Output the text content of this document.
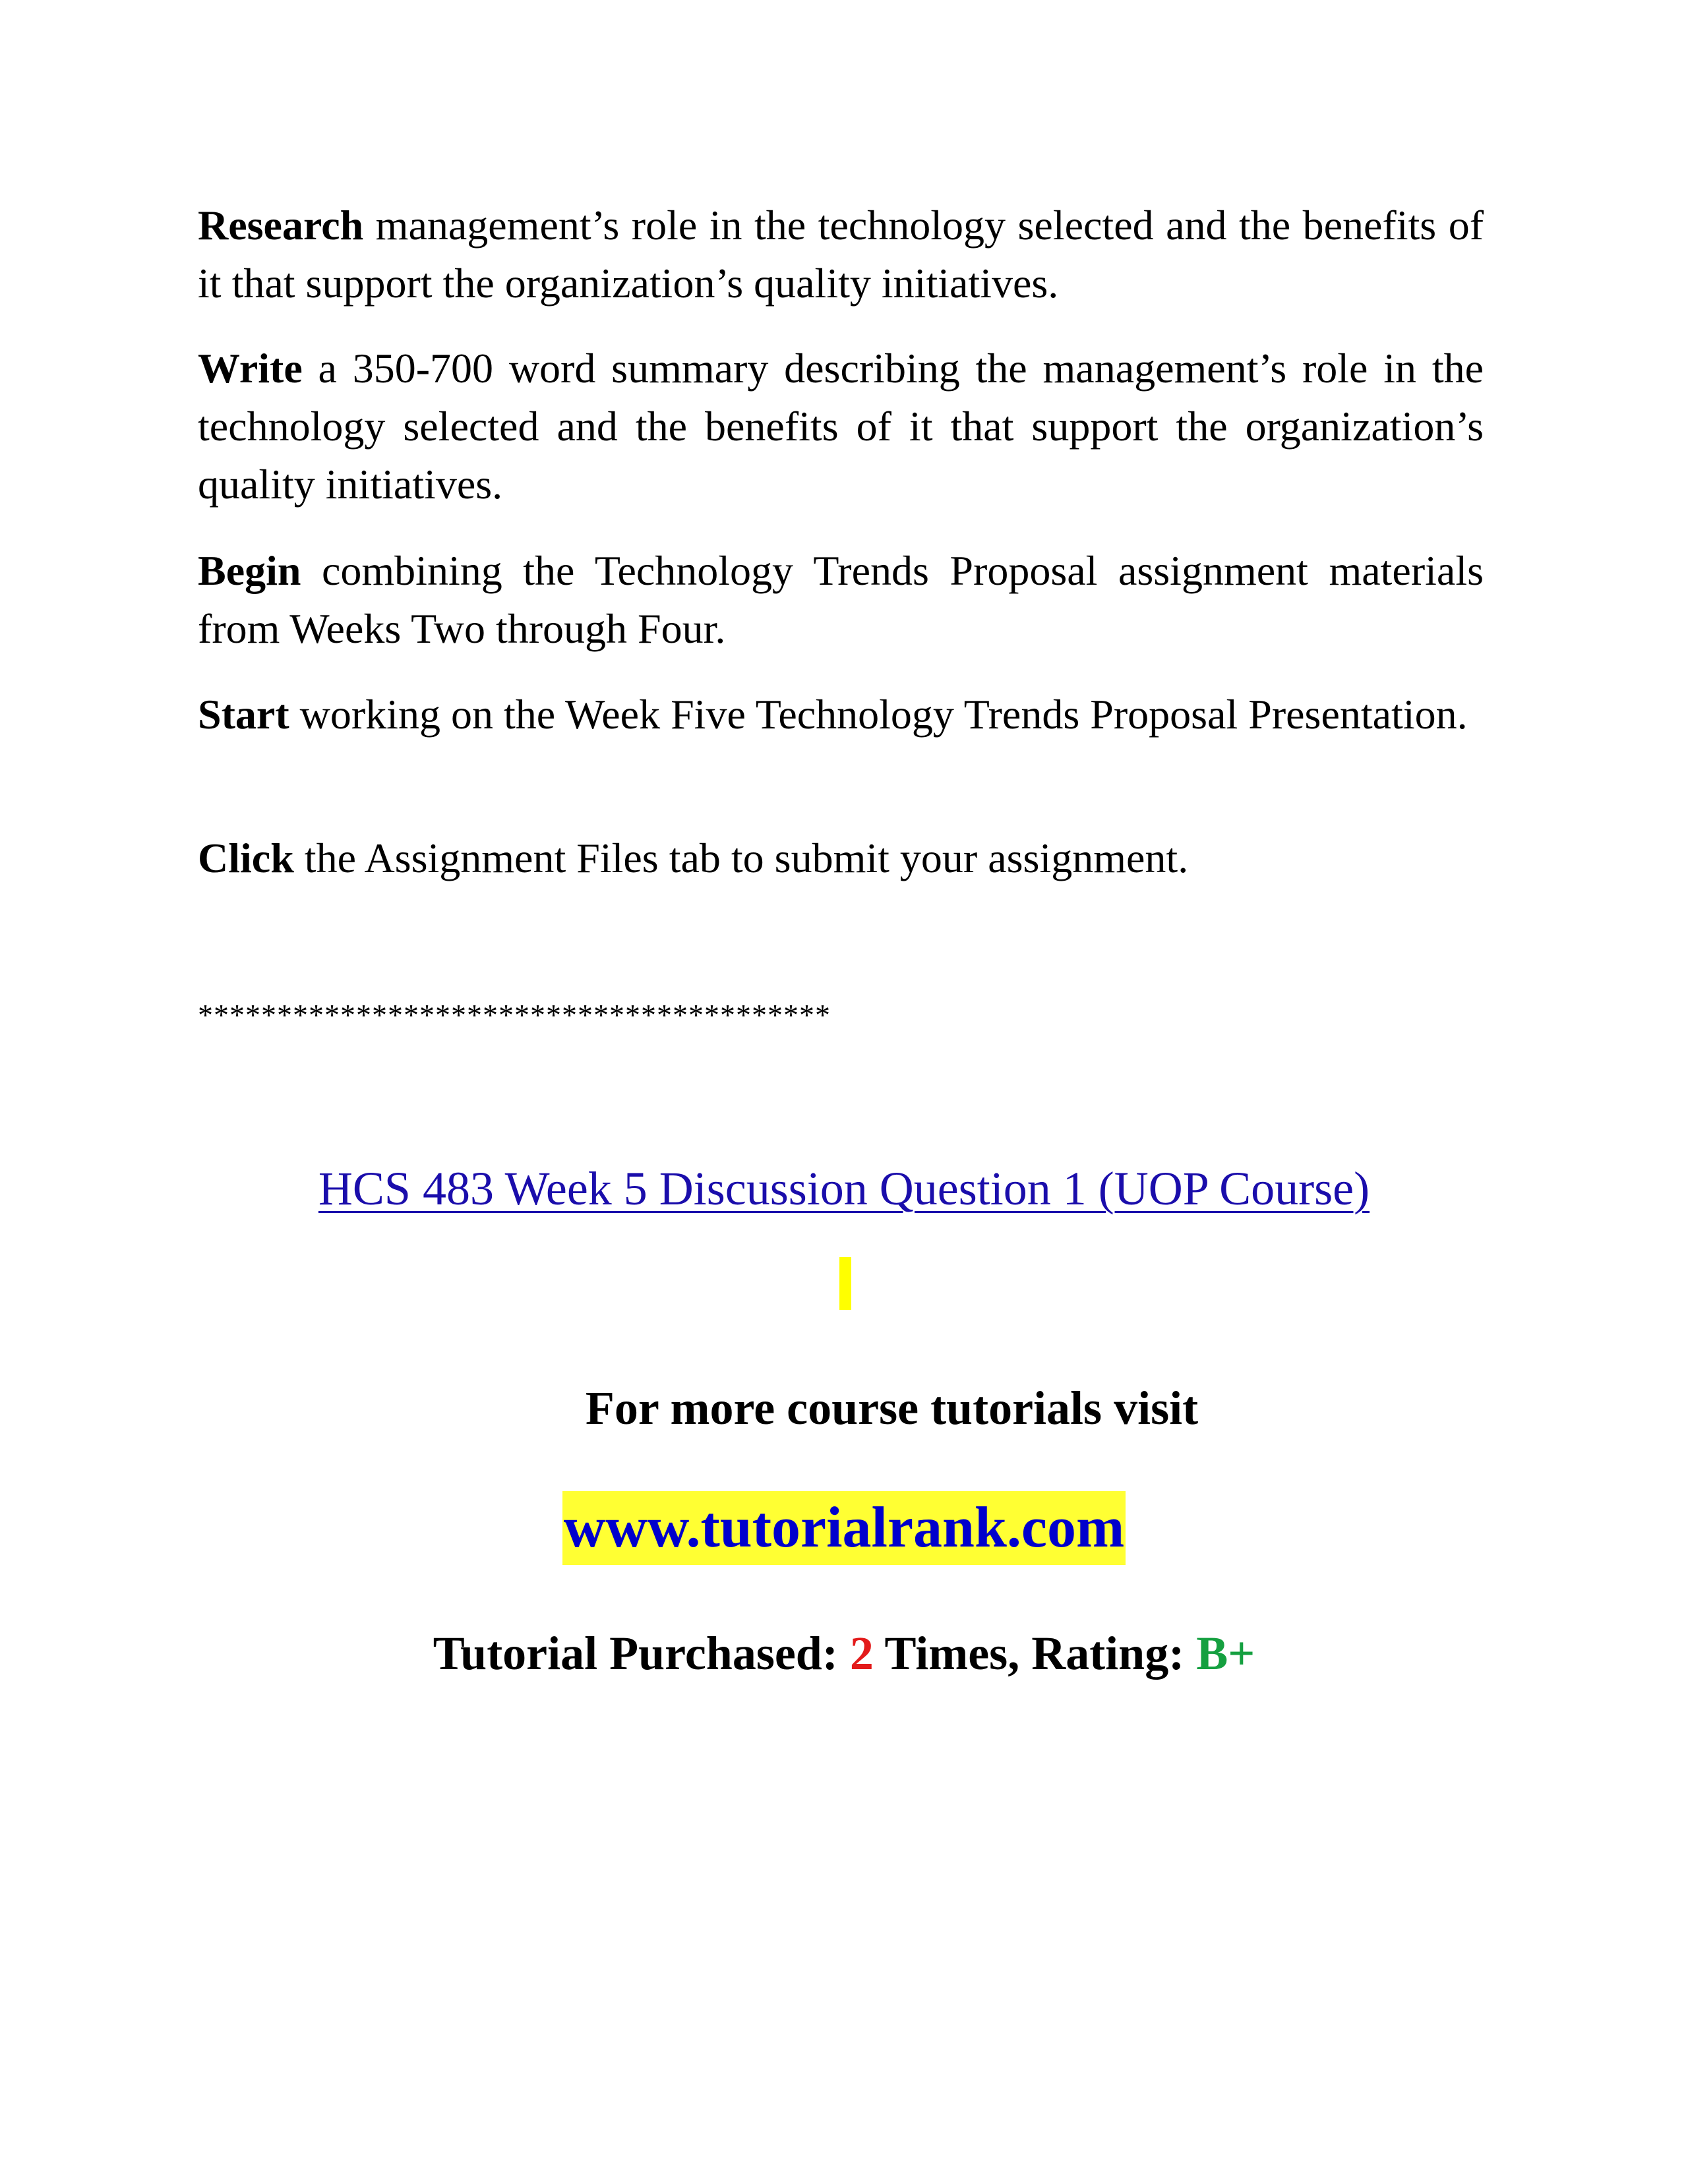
Research management’s role in the technology selected and the benefits of it that support the organization’s quality initiatives.

Write a 350-700 word summary describing the management’s role in the technology selected and the benefits of it that support the organization’s quality initiatives.

Begin combining the Technology Trends Proposal assignment materials from Weeks Two through Four.

Start working on the Week Five Technology Trends Proposal Presentation.

Click the Assignment Files tab to submit your assignment.

****************************************
HCS 483 Week 5 Discussion Question 1 (UOP Course)
For more course tutorials visit
www.tutorialrank.com
Tutorial Purchased: 2 Times, Rating: B+
